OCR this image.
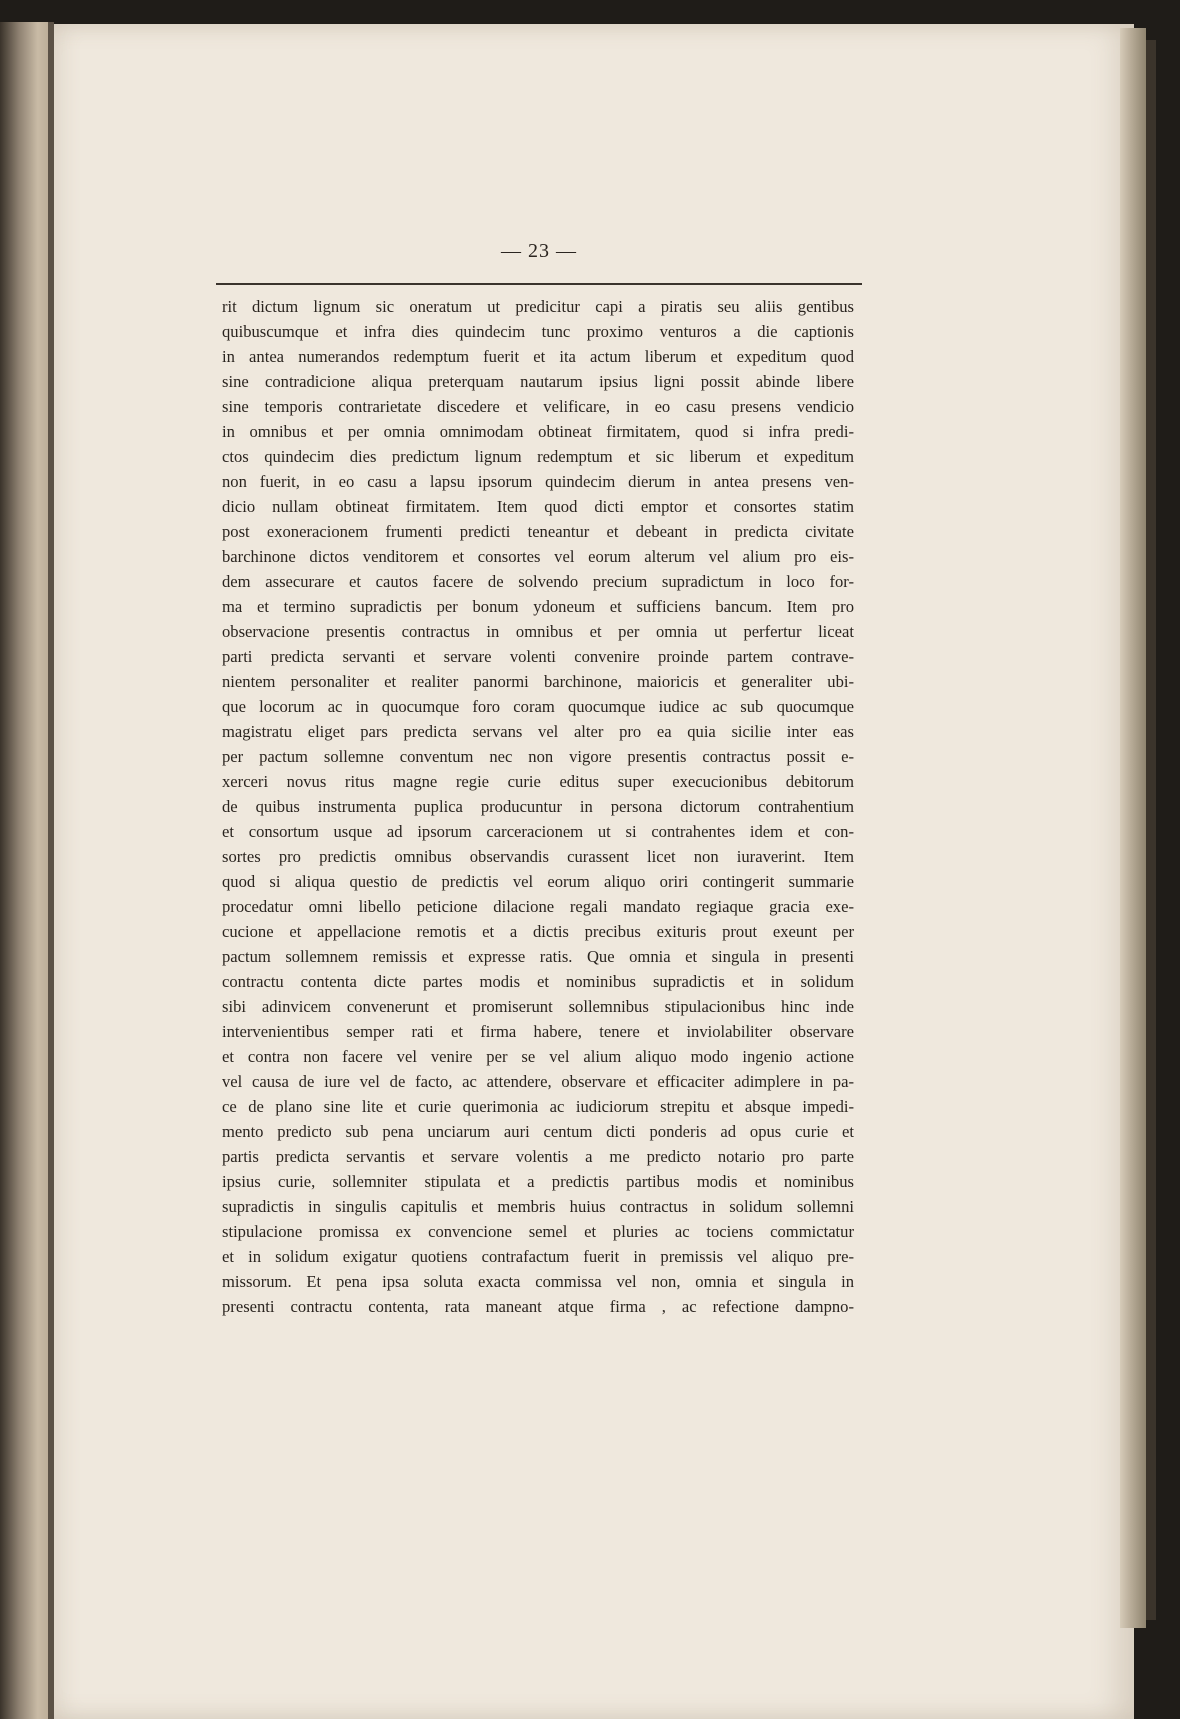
— 23 —
rit dictum lignum sic oneratum ut predicitur capi a piratis seu aliis gentibus
quibuscumque et infra dies quindecim tunc proximo venturos a die captionis
in antea numerandos redemptum fuerit et ita actum liberum et expeditum quod
sine contradicione aliqua preterquam nautarum ipsius ligni possit abinde libere
sine temporis contrarietate discedere et velificare, in eo casu presens vendicio
in omnibus et per omnia omnimodam obtineat firmitatem, quod si infra predi-
ctos quindecim dies predictum lignum redemptum et sic liberum et expeditum
non fuerit, in eo casu a lapsu ipsorum quindecim dierum in antea presens ven-
dicio nullam obtineat firmitatem. Item quod dicti emptor et consortes statim
post exoneracionem frumenti predicti teneantur et debeant in predicta civitate
barchinone dictos venditorem et consortes vel eorum alterum vel alium pro eis-
dem assecurare et cautos facere de solvendo precium supradictum in loco for-
ma et termino supradictis per bonum ydoneum et sufficiens bancum. Item pro
observacione presentis contractus in omnibus et per omnia ut perfertur liceat
parti predicta servanti et servare volenti convenire proinde partem contrave-
nientem personaliter et realiter panormi barchinone, maioricis et generaliter ubi-
que locorum ac in quocumque foro coram quocumque iudice ac sub quocumque
magistratu eliget pars predicta servans vel alter pro ea quia sicilie inter eas
per pactum sollemne conventum nec non vigore presentis contractus possit e-
xerceri novus ritus magne regie curie editus super execucionibus debitorum
de quibus instrumenta puplica producuntur in persona dictorum contrahentium
et consortum usque ad ipsorum carceracionem ut si contrahentes idem et con-
sortes pro predictis omnibus observandis curassent licet non iuraverint. Item
quod si aliqua questio de predictis vel eorum aliquo oriri contingerit summarie
procedatur omni libello peticione dilacione regali mandato regiaque gracia exe-
cucione et appellacione remotis et a dictis precibus exituris prout exeunt per
pactum sollemnem remissis et expresse ratis. Que omnia et singula in presenti
contractu contenta dicte partes modis et nominibus supradictis et in solidum
sibi adinvicem convenerunt et promiserunt sollemnibus stipulacionibus hinc inde
intervenientibus semper rati et firma habere, tenere et inviolabiliter observare
et contra non facere vel venire per se vel alium aliquo modo ingenio actione
vel causa de iure vel de facto, ac attendere, observare et efficaciter adimplere in pa-
ce de plano sine lite et curie querimonia ac iudiciorum strepitu et absque impedi-
mento predicto sub pena unciarum auri centum dicti ponderis ad opus curie et
partis predicta servantis et servare volentis a me predicto notario pro parte
ipsius curie, sollemniter stipulata et a predictis partibus modis et nominibus
supradictis in singulis capitulis et membris huius contractus in solidum sollemni
stipulacione promissa ex convencione semel et pluries ac tociens commictatur
et in solidum exigatur quotiens contrafactum fuerit in premissis vel aliquo pre-
missorum. Et pena ipsa soluta exacta commissa vel non, omnia et singula in
presenti contractu contenta, rata maneant atque firma , ac refectione dampno-
